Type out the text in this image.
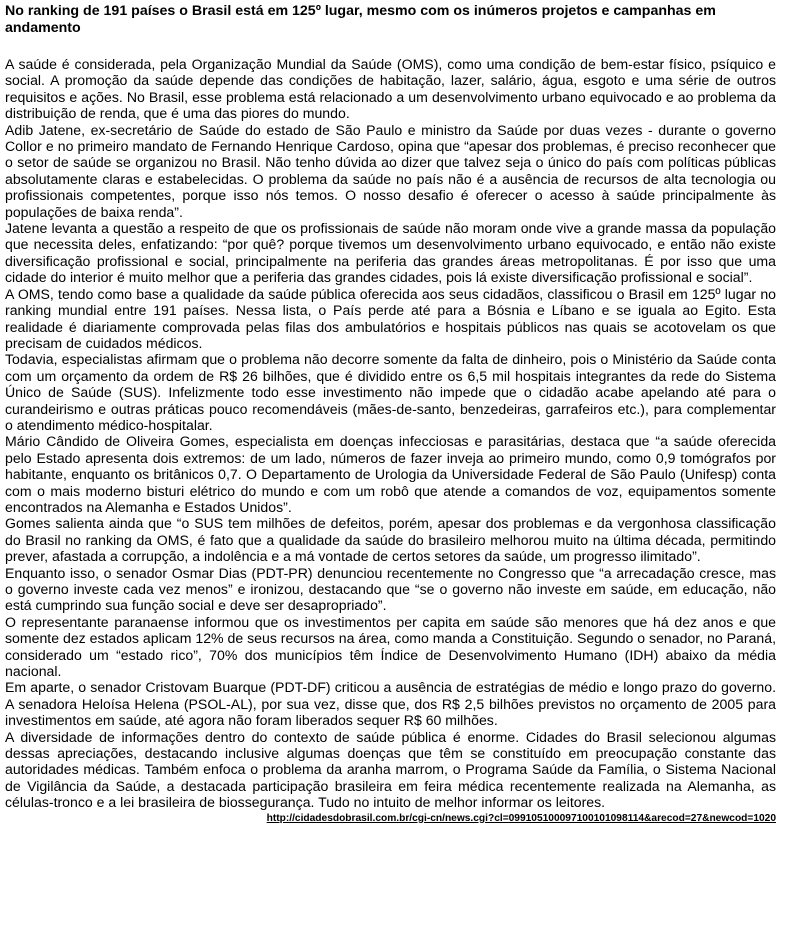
No ranking de 191 países o Brasil está em 125º lugar, mesmo com os inúmeros projetos e campanhas em andamento

A saúde é considerada, pela Organização Mundial da Saúde (OMS), como uma condição de bem-estar físico, psíquico e social. A promoção da saúde depende das condições de habitação, lazer, salário, água, esgoto e uma série de outros requisitos e ações. No Brasil, esse problema está relacionado a um desenvolvimento urbano equivocado e ao problema da distribuição de renda, que é uma das piores do mundo.

Adib Jatene, ex-secretário de Saúde do estado de São Paulo e ministro da Saúde por duas vezes - durante o governo Collor e no primeiro mandato de Fernando Henrique Cardoso, opina que “apesar dos problemas, é preciso reconhecer que o setor de saúde se organizou no Brasil. Não tenho dúvida ao dizer que talvez seja o único do país com políticas públicas absolutamente claras e estabelecidas. O problema da saúde no país não é a ausência de recursos de alta tecnologia ou profissionais competentes, porque isso nós temos. O nosso desafio é oferecer o acesso à saúde principalmente às populações de baixa renda”.

Jatene levanta a questão a respeito de que os profissionais de saúde não moram onde vive a grande massa da população que necessita deles, enfatizando: “por quê? porque tivemos um desenvolvimento urbano equivocado, e então não existe diversificação profissional e social, principalmente na periferia das grandes áreas metropolitanas. É por isso que uma cidade do interior é muito melhor que a periferia das grandes cidades, pois lá existe diversificação profissional e social”.

A OMS, tendo como base a qualidade da saúde pública oferecida aos seus cidadãos, classificou o Brasil em 125º lugar no ranking mundial entre 191 países. Nessa lista, o País perde até para a Bósnia e Líbano e se iguala ao Egito. Esta realidade é diariamente comprovada pelas filas dos ambulatórios e hospitais públicos nas quais se acotovelam os que precisam de cuidados médicos.

Todavia, especialistas afirmam que o problema não decorre somente da falta de dinheiro, pois o Ministério da Saúde conta com um orçamento da ordem de R$ 26 bilhões, que é dividido entre os 6,5 mil hospitais integrantes da rede do Sistema Único de Saúde (SUS). Infelizmente todo esse investimento não impede que o cidadão acabe apelando até para o curandeirismo e outras práticas pouco recomendáveis (mães-de-santo, benzedeiras, garrafeiros etc.), para complementar o atendimento médico-hospitalar.

Mário Cândido de Oliveira Gomes, especialista em doenças infecciosas e parasitárias, destaca que “a saúde oferecida pelo Estado apresenta dois extremos: de um lado, números de fazer inveja ao primeiro mundo, como 0,9 tomógrafos por habitante, enquanto os britânicos 0,7. O Departamento de Urologia da Universidade Federal de São Paulo (Unifesp) conta com o mais moderno bisturi elétrico do mundo e com um robô que atende a comandos de voz, equipamentos somente encontrados na Alemanha e Estados Unidos”.

Gomes salienta ainda que “o SUS tem milhões de defeitos, porém, apesar dos problemas e da vergonhosa classificação do Brasil no ranking da OMS, é fato que a qualidade da saúde do brasileiro melhorou muito na última década, permitindo prever, afastada a corrupção, a indolência e a má vontade de certos setores da saúde, um progresso ilimitado”.

Enquanto isso, o senador Osmar Dias (PDT-PR) denunciou recentemente no Congresso que “a arrecadação cresce, mas o governo investe cada vez menos” e ironizou, destacando que “se o governo não investe em saúde, em educação, não está cumprindo sua função social e deve ser desapropriado”.

O representante paranaense informou que os investimentos per capita em saúde são menores que há dez anos e que somente dez estados aplicam 12% de seus recursos na área, como manda a Constituição. Segundo o senador, no Paraná, considerado um “estado rico”, 70% dos municípios têm Índice de Desenvolvimento Humano (IDH) abaixo da média nacional.

Em aparte, o senador Cristovam Buarque (PDT-DF) criticou a ausência de estratégias de médio e longo prazo do governo. A senadora Heloísa Helena (PSOL-AL), por sua vez, disse que, dos R$ 2,5 bilhões previstos no orçamento de 2005 para investimentos em saúde, até agora não foram liberados sequer R$ 60 milhões.

A diversidade de informações dentro do contexto de saúde pública é enorme. Cidades do Brasil selecionou algumas dessas apreciações, destacando inclusive algumas doenças que têm se constituído em preocupação constante das autoridades médicas. Também enfoca o problema da aranha marrom, o Programa Saúde da Família, o Sistema Nacional de Vigilância da Saúde, a destacada participação brasileira em feira médica recentemente realizada na Alemanha, as células-tronco e a lei brasileira de biossegurança. Tudo no intuito de melhor informar os leitores.

http://cidadesdobrasil.com.br/cgi-cn/news.cgi?cl=099105100097100101098114&arecod=27&newcod=1020
